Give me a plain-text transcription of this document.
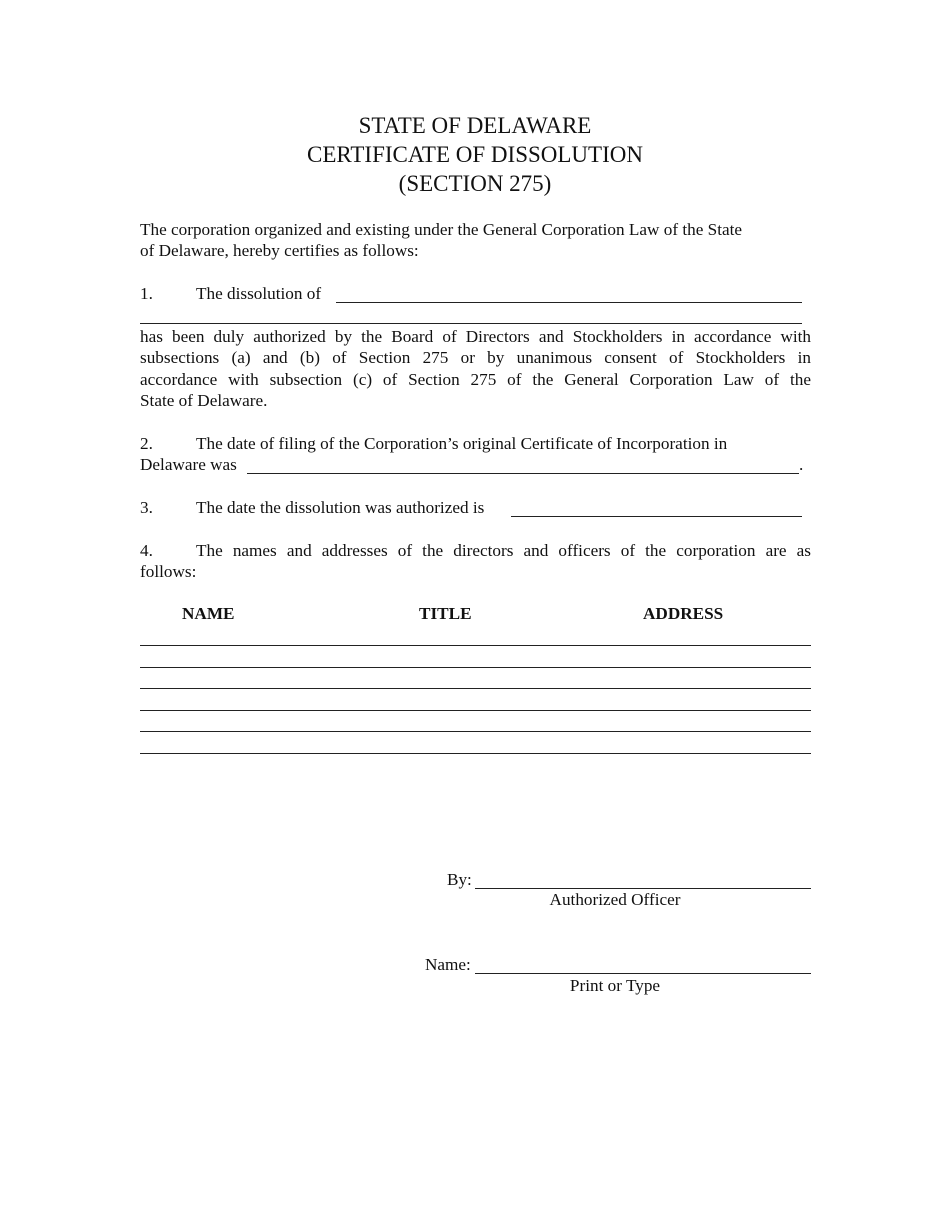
STATE OF DELAWARE
CERTIFICATE OF DISSOLUTION
(SECTION 275)
The corporation organized and existing under the General Corporation Law of the State
of Delaware, hereby certifies as follows:
1.	The dissolution of
has been duly authorized by the Board of Directors and Stockholders in accordance with
subsections (a) and (b) of Section 275 or by unanimous consent of Stockholders in
accordance with subsection (c) of Section 275 of the General Corporation Law of the
State of Delaware.
2.	The date of filing of the Corporation’s original Certificate of Incorporation in
Delaware was	.
3.	The date the dissolution was authorized is
4.	The names and addresses of the directors and officers of the corporation are as
follows:
NAME	TITLE	ADDRESS
By:
Authorized Officer
Name:
Print or Type
